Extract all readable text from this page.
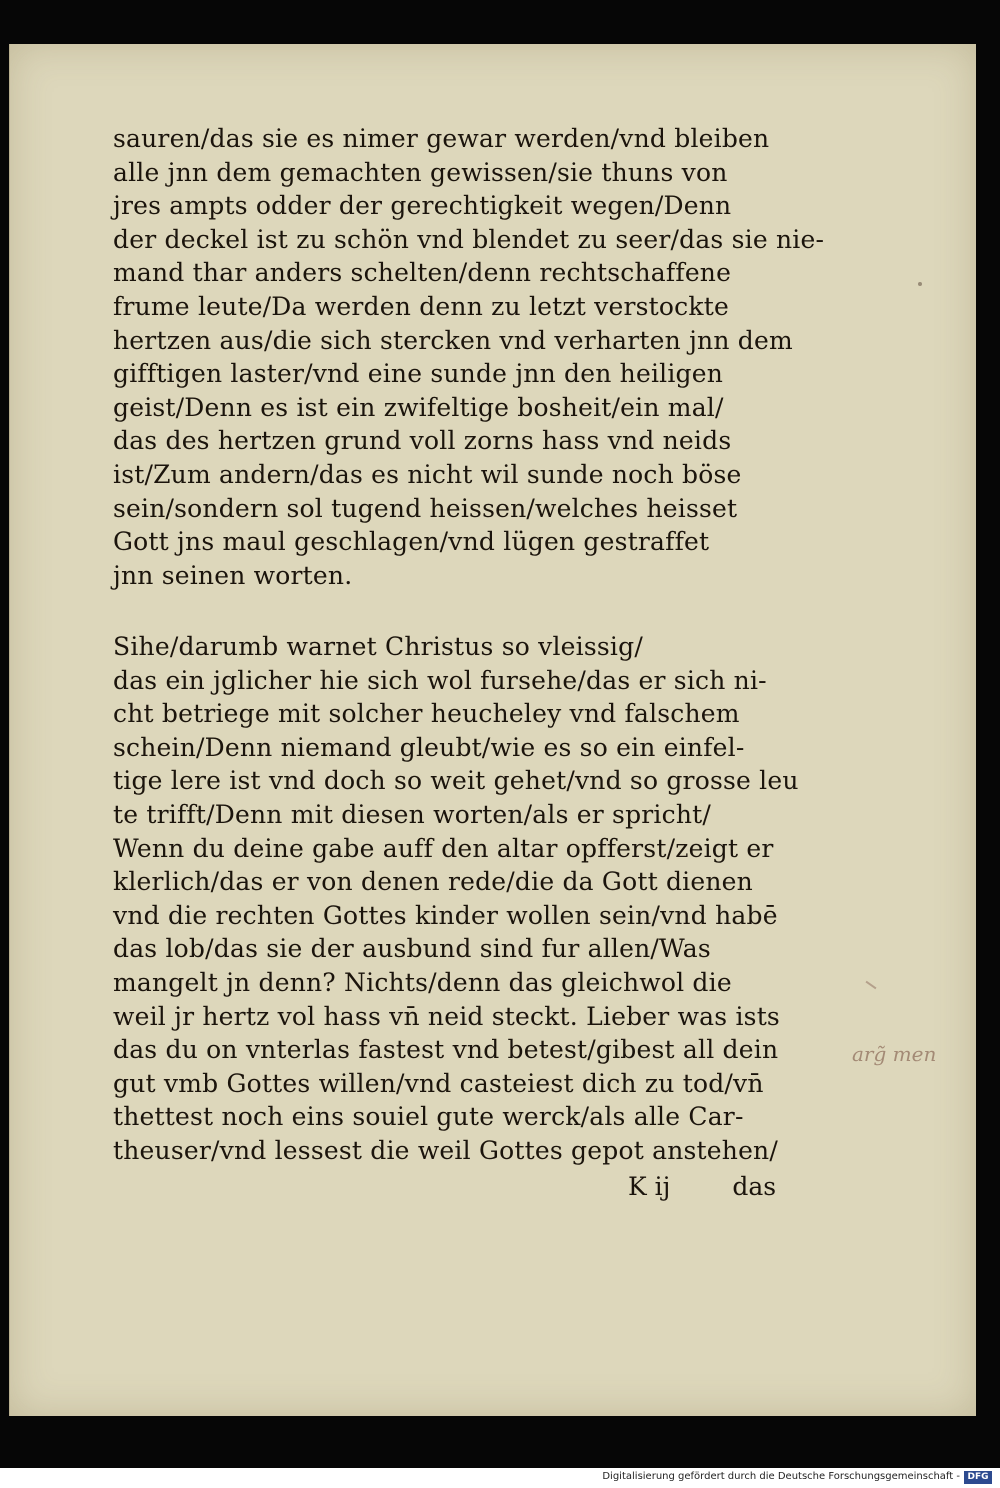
sauren/das sie es nimer gewar werden/vnd bleiben
alle jnn dem gemachten gewissen/sie thuns von
jres ampts odder der gerechtigkeit wegen/Denn
der deckel ist zu schön vnd blendet zu seer/das sie nie-
mand thar anders schelten/denn rechtschaffene
frume leute/Da werden denn zu letzt verstockte
hertzen aus/die sich stercken vnd verharten jnn dem
gifftigen laster/vnd eine sunde jnn den heiligen
geist/Denn es ist ein zwifeltige bosheit/ein mal/
das des hertzen grund voll zorns hass vnd neids
ist/Zum andern/das es nicht wil sunde noch böse
sein/sondern sol tugend heissen/welches heisset
Gott jns maul geschlagen/vnd lügen gestraffet
jnn seinen worten.
Sihe/darumb warnet Christus so vleissig/
das ein jglicher hie sich wol fursehe/das er sich ni-
cht betriege mit solcher heucheley vnd falschem
schein/Denn niemand gleubt/wie es so ein einfel-
tige lere ist vnd doch so weit gehet/vnd so grosse leu
te trifft/Denn mit diesen worten/als er spricht/
Wenn du deine gabe auff den altar opfferst/zeigt er
klerlich/das er von denen rede/die da Gott dienen
vnd die rechten Gottes kinder wollen sein/vnd habē
das lob/das sie der ausbund sind fur allen/Was
mangelt jn denn? Nichts/denn das gleichwol die
weil jr hertz vol hass vn̄ neid steckt. Lieber was ists
das du on vnterlas fastest vnd betest/gibest all dein
gut vmb Gottes willen/vnd casteiest dich zu tod/vn̄
thettest noch eins souiel gute werck/als alle Car-
theuser/vnd lessest die weil Gottes gepot anstehen/
K ij das
arg̃ men
Digitalisierung gefördert durch die Deutsche Forschungsgemeinschaft - DFG
